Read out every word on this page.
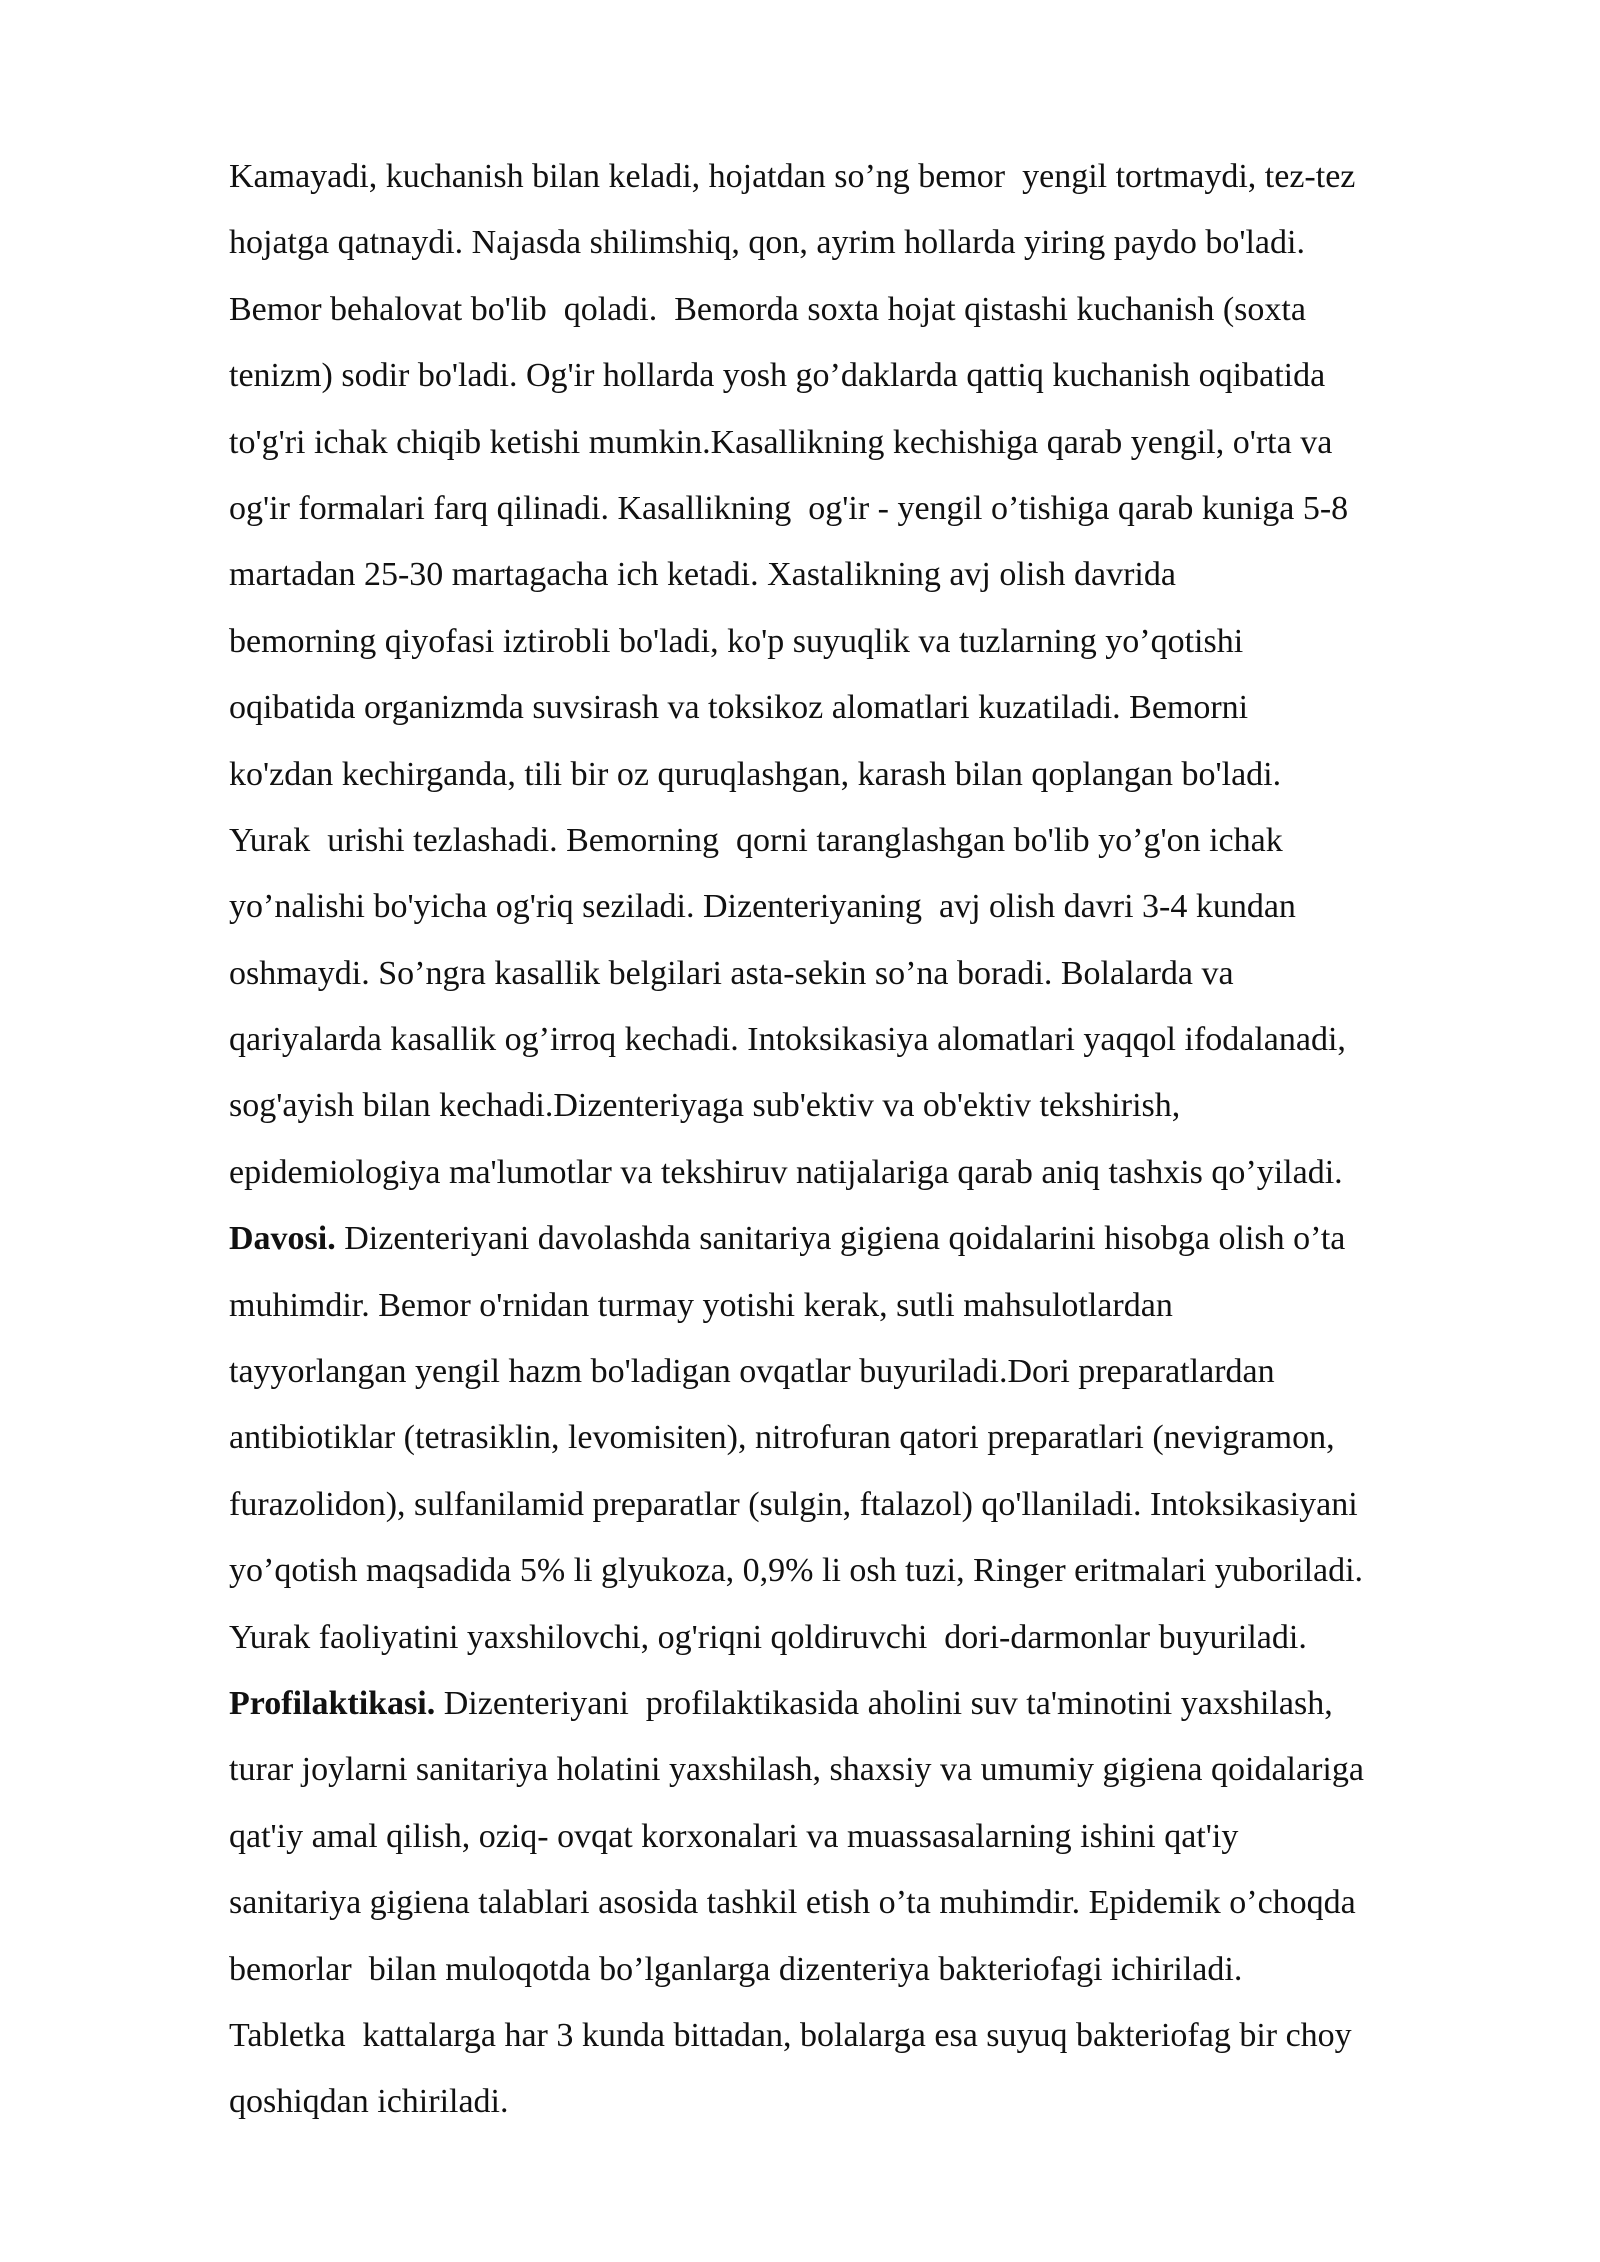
Kamayadi, kuchanish bilan keladi, hojatdan so’ng bemor  yengil tortmaydi, tez-tez
hojatga qatnaydi. Najasda shilimshiq, qon, ayrim hollarda yiring paydo bo'ladi.
Bemor behalovat bo'lib  qoladi.  Bemorda soxta hojat qistashi kuchanish (soxta
tenizm) sodir bo'ladi. Og'ir hollarda yosh go’daklarda qattiq kuchanish oqibatida
to'g'ri ichak chiqib ketishi mumkin.Kasallikning kechishiga qarab yengil, o'rta va
og'ir formalari farq qilinadi. Kasallikning  og'ir - yengil o’tishiga qarab kuniga 5-8
martadan 25-30 martagacha ich ketadi. Xastalikning avj olish davrida
bemorning qiyofasi iztirobli bo'ladi, ko'p suyuqlik va tuzlarning yo’qotishi
oqibatida organizmda suvsirash va toksikoz alomatlari kuzatiladi. Bemorni
ko'zdan kechirganda, tili bir oz quruqlashgan, karash bilan qoplangan bo'ladi.
Yurak  urishi tezlashadi. Bemorning  qorni taranglashgan bo'lib yo’g'on ichak
yo’nalishi bo'yicha og'riq seziladi. Dizenteriyaning  avj olish davri 3-4 kundan
oshmaydi. So’ngra kasallik belgilari asta-sekin so’na boradi. Bolalarda va
qariyalarda kasallik og’irroq kechadi. Intoksikasiya alomatlari yaqqol ifodalanadi,
sog'ayish bilan kechadi.Dizenteriyaga sub'ektiv va ob'ektiv tekshirish,
epidemiologiya ma'lumotlar va tekshiruv natijalariga qarab aniq tashxis qo’yiladi.
Davosi. Dizenteriyani davolashda sanitariya gigiena qoidalarini hisobga olish o’ta
muhimdir. Bemor o'rnidan turmay yotishi kerak, sutli mahsulotlardan
tayyorlangan yengil hazm bo'ladigan ovqatlar buyuriladi.Dori preparatlardan
antibiotiklar (tetrasiklin, levomisiten), nitrofuran qatori preparatlari (nevigramon,
furazolidon), sulfanilamid preparatlar (sulgin, ftalazol) qo'llaniladi. Intoksikasiyani
yo’qotish maqsadida 5% li glyukoza, 0,9% li osh tuzi, Ringer eritmalari yuboriladi.
Yurak faoliyatini yaxshilovchi, og'riqni qoldiruvchi  dori-darmonlar buyuriladi.
Profilaktikasi. Dizenteriyani  profilaktikasida aholini suv ta'minotini yaxshilash,
turar joylarni sanitariya holatini yaxshilash, shaxsiy va umumiy gigiena qoidalariga
qat'iy amal qilish, oziq- ovqat korxonalari va muassasalarning ishini qat'iy
sanitariya gigiena talablari asosida tashkil etish o’ta muhimdir. Epidemik o’choqda
bemorlar  bilan muloqotda bo’lganlarga dizenteriya bakteriofagi ichiriladi.
Tabletka  kattalarga har 3 kunda bittadan, bolalarga esa suyuq bakteriofag bir choy
qoshiqdan ichiriladi.
